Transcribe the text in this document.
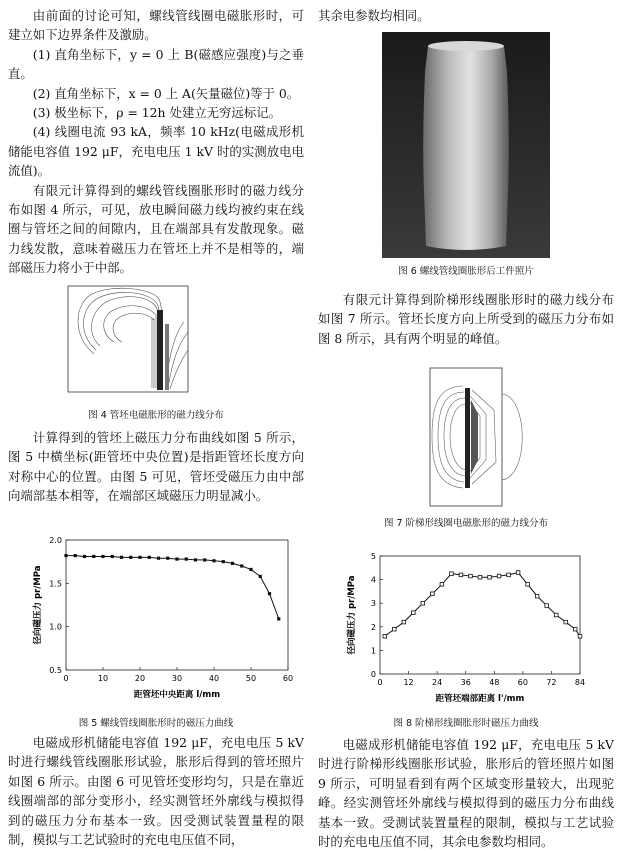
由前面的讨论可知，螺线管线圈电磁胀形时，可建立如下边界条件及激励。

(1) 直角坐标下，y = 0 上 B(磁感应强度)与之垂直。

(2) 直角坐标下，x = 0 上 A(矢量磁位)等于 0。

(3) 极坐标下，ρ = 12h 处建立无穷远标记。

(4) 线圈电流 93 kA，频率 10 kHz(电磁成形机储能电容值 192 μF，充电电压 1 kV 时的实测放电电流值)。

有限元计算得到的螺线管线圈胀形时的磁力线分布如图 4 所示，可见，放电瞬间磁力线均被约束在线圈与管坯之间的间隙内，且在端部具有发散现象。磁力线发散，意味着磁压力在管坯上并不是相等的，端部磁压力将小于中部。

图 4 管坯电磁胀形的磁力线分布

计算得到的管坯上磁压力分布曲线如图 5 所示，图 5 中横坐标(距管坯中央位置)是指距管坯长度方向对称中心的位置。由图 5 可见，管坯受磁压力由中部向端部基本相等，在端部区域磁压力明显减小。

0	10	20	30	40	50	60
0.5
1.0
1.5
2.0
距管坯中央距离 l/mm
径向磁压力 pr/MPa

图 5 螺线管线圈胀形时的磁压力曲线

电磁成形机储能电容值 192 μF，充电电压 5 kV 时进行螺线管线圈胀形试验，胀形后得到的管坯照片如图 6 所示。由图 6 可见管坯变形均匀，只是在靠近线圈端部的部分变形小，经实测管坯外廓线与模拟得到的磁压力分布基本一致。因受测试装置量程的限制，模拟与工艺试验时的充电电压值不同，

其余电参数均相同。

图 6 螺线管线圈胀形后工件照片

有限元计算得到阶梯形线圈胀形时的磁力线分布如图 7 所示。管坯长度方向上所受到的磁压力分布如图 8 所示，具有两个明显的峰值。

图 7 阶梯形线圈电磁胀形的磁力线分布

0	12 24 36 48 60 72 84
0
1
2
3
4
5
距管坯端部距离 l'/mm
径向磁压力 pr/MPa

图 8 阶梯形线圈胀形时磁压力曲线

电磁成形机储能电容值 192 μF，充电电压 5 kV 时进行阶梯形线圈胀形试验，胀形后的管坯照片如图 9 所示，可明显看到有两个区域变形量较大，出现驼峰。经实测管坯外廓线与模拟得到的磁压力分布曲线基本一致。受测试装置量程的限制，模拟与工艺试验时的充电电压值不同，其余电参数均相同。
